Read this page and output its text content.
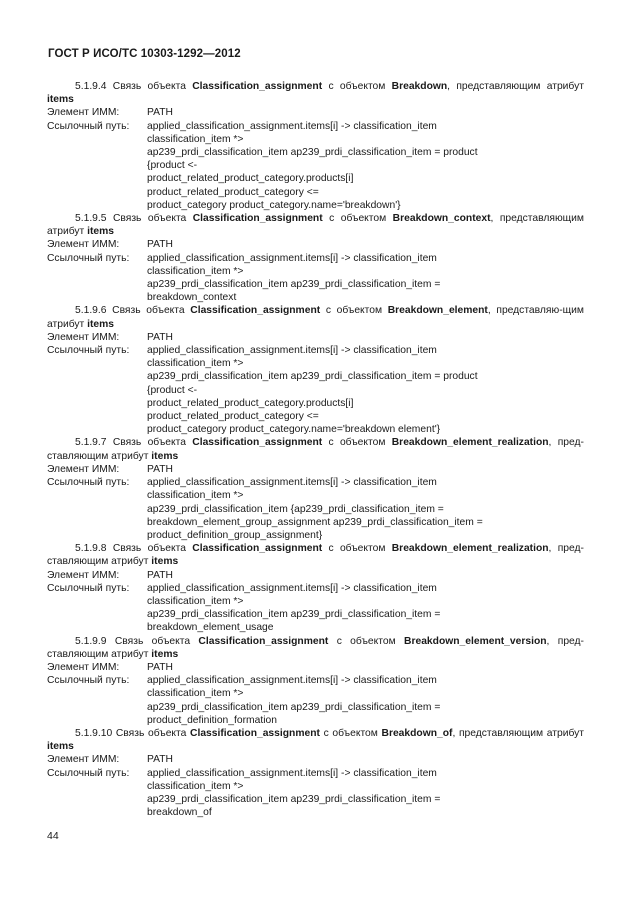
ГОСТ Р ИСО/ТС 10303-1292—2012
5.1.9.4 Связь объекта Classification_assignment с объектом Breakdown, представляющим атрибут items
Элемент ИММ:	PATH
Ссылочный путь:	applied_classification_assignment.items[i] -> classification_item
classification_item *>
ap239_prdi_classification_item ap239_prdi_classification_item = product
{product <-
product_related_product_category.products[i]
product_related_product_category <=
product_category product_category.name='breakdown'}
5.1.9.5 Связь объекта Classification_assignment с объектом Breakdown_context, представляющим атрибут items
Элемент ИММ:	PATH
Ссылочный путь:	applied_classification_assignment.items[i] -> classification_item
classification_item *>
ap239_prdi_classification_item ap239_prdi_classification_item =
breakdown_context
5.1.9.6 Связь объекта Classification_assignment с объектом Breakdown_element, представляю-щим атрибут items
Элемент ИММ:	PATH
Ссылочный путь:	applied_classification_assignment.items[i] -> classification_item
classification_item *>
ap239_prdi_classification_item ap239_prdi_classification_item = product
{product <-
product_related_product_category.products[i]
product_related_product_category <=
product_category product_category.name='breakdown element'}
5.1.9.7 Связь объекта Classification_assignment с объектом Breakdown_element_realization, пред-ставляющим атрибут items
Элемент ИММ:	PATH
Ссылочный путь:	applied_classification_assignment.items[i] -> classification_item
classification_item *>
ap239_prdi_classification_item {ap239_prdi_classification_item =
breakdown_element_group_assignment ap239_prdi_classification_item =
product_definition_group_assignment}
5.1.9.8 Связь объекта Classification_assignment с объектом Breakdown_element_realization, пред-ставляющим атрибут items
Элемент ИММ:	PATH
Ссылочный путь:	applied_classification_assignment.items[i] -> classification_item
classification_item *>
ap239_prdi_classification_item ap239_prdi_classification_item =
breakdown_element_usage
5.1.9.9 Связь объекта Classification_assignment с объектом Breakdown_element_version, пред-ставляющим атрибут items
Элемент ИММ:	PATH
Ссылочный путь:	applied_classification_assignment.items[i] -> classification_item
classification_item *>
ap239_prdi_classification_item ap239_prdi_classification_item =
product_definition_formation
5.1.9.10 Связь объекта Classification_assignment с объектом Breakdown_of, представляющим атрибут items
Элемент ИММ:	PATH
Ссылочный путь:	applied_classification_assignment.items[i] -> classification_item
classification_item *>
ap239_prdi_classification_item ap239_prdi_classification_item =
breakdown_of
44
